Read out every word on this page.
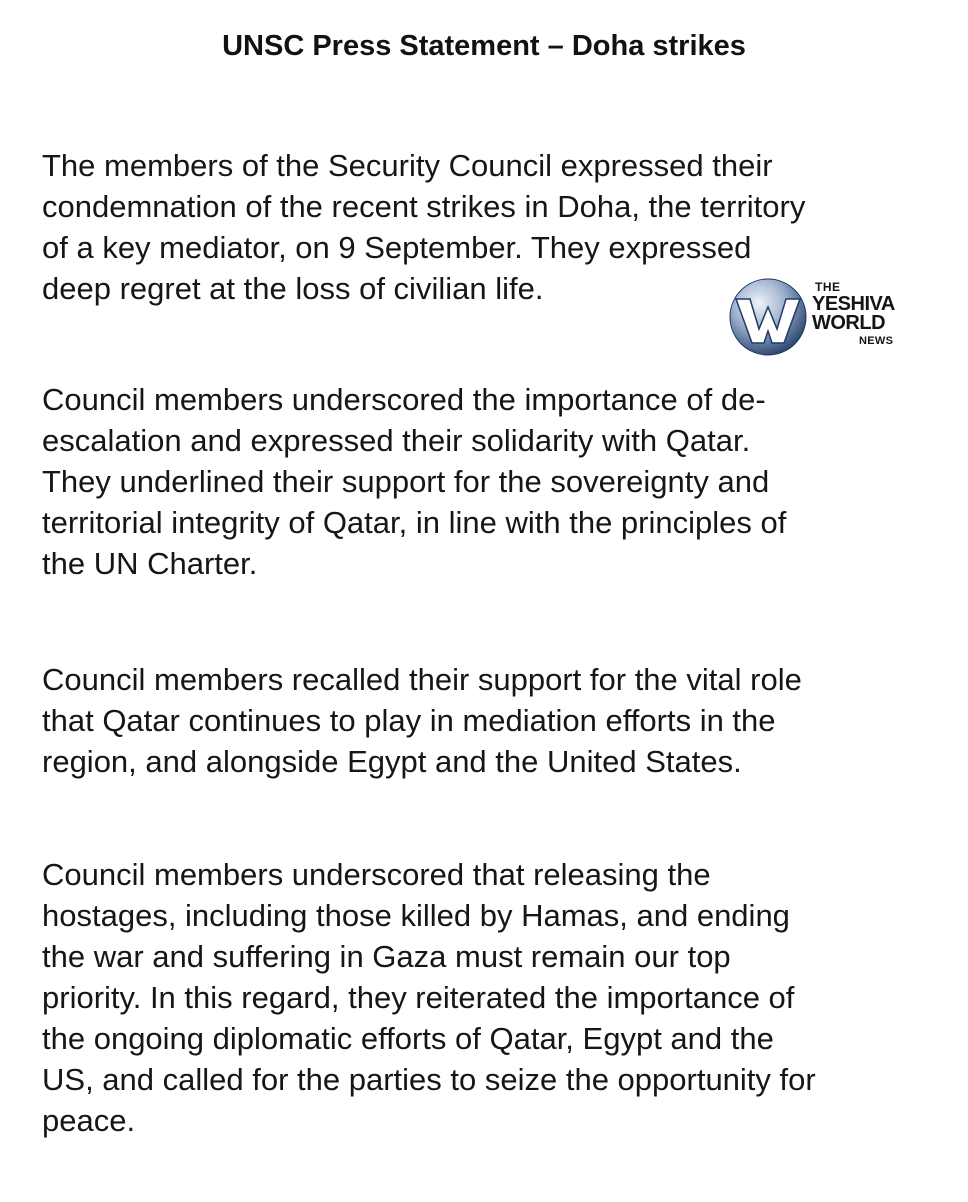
UNSC Press Statement – Doha strikes

The members of the Security Council expressed their
condemnation of the recent strikes in Doha, the territory
of a key mediator, on 9 September. They expressed
deep regret at the loss of civilian life.	THE
YESHIVA
WORLD
NEWS

Council members underscored the importance of de-
escalation and expressed their solidarity with Qatar.
They underlined their support for the sovereignty and
territorial integrity of Qatar, in line with the principles of
the UN Charter.

Council members recalled their support for the vital role
that Qatar continues to play in mediation efforts in the
region, and alongside Egypt and the United States.

Council members underscored that releasing the
hostages, including those killed by Hamas, and ending
the war and suffering in Gaza must remain our top
priority. In this regard, they reiterated the importance of
the ongoing diplomatic efforts of Qatar, Egypt and the
US, and called for the parties to seize the opportunity for
peace.
